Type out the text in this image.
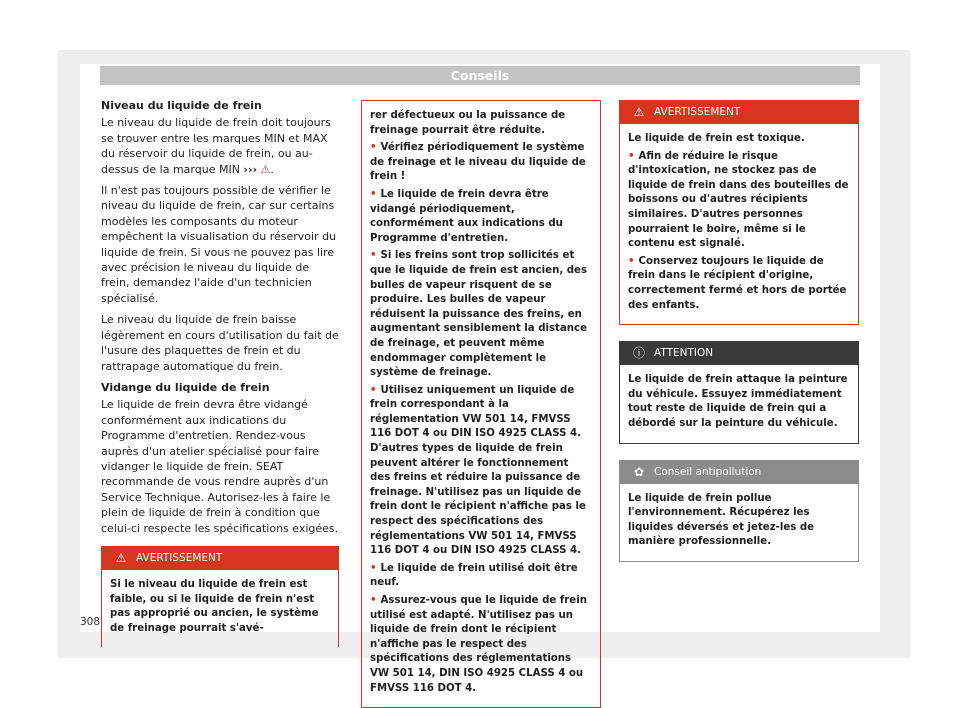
Conseils
Niveau du liquide de frein

Le niveau du liquide de frein doit toujours se trouver entre les marques MIN et MAX du réservoir du liquide de frein, ou au-dessus de la marque MIN ››› ⚠.

Il n'est pas toujours possible de vérifier le niveau du liquide de frein, car sur certains modèles les composants du moteur empêchent la visualisation du réservoir du liquide de frein. Si vous ne pouvez pas lire avec précision le niveau du liquide de frein, demandez l'aide d'un technicien spécialisé.

Le niveau du liquide de frein baisse légèrement en cours d'utilisation du fait de l'usure des plaquettes de frein et du rattrapage automatique du frein.

Vidange du liquide de frein

Le liquide de frein devra être vidangé conformément aux indications du Programme d'entretien. Rendez-vous auprès d'un atelier spécialisé pour faire vidanger le liquide de frein. SEAT recommande de vous rendre auprès d'un Service Technique. Autorisez-les à faire le plein de liquide de frein à condition que celui-ci respecte les spécifications exigées.

⚠ AVERTISSEMENT

Si le niveau du liquide de frein est faible, ou si le liquide de frein n'est pas approprié ou ancien, le système de freinage pourrait s'avé-

rer défectueux ou la puissance de freinage pourrait être réduite.

• Vérifiez périodiquement le système de freinage et le niveau du liquide de frein !
• Le liquide de frein devra être vidangé périodiquement, conformément aux indications du Programme d'entretien.
• Si les freins sont trop sollicités et que le liquide de frein est ancien, des bulles de vapeur risquent de se produire. Les bulles de vapeur réduisent la puissance des freins, en augmentant sensiblement la distance de freinage, et peuvent même endommager complètement le système de freinage.
• Utilisez uniquement un liquide de frein correspondant à la réglementation VW 501 14, FMVSS 116 DOT 4 ou DIN ISO 4925 CLASS 4. D'autres types de liquide de frein peuvent altérer le fonctionnement des freins et réduire la puissance de freinage. N'utilisez pas un liquide de frein dont le récipient n'affiche pas le respect des spécifications des réglementations VW 501 14, FMVSS 116 DOT 4 ou DIN ISO 4925 CLASS 4.
• Le liquide de frein utilisé doit être neuf.
• Assurez-vous que le liquide de frein utilisé est adapté. N'utilisez pas un liquide de frein dont le récipient n'affiche pas le respect des spécifications des réglementations VW 501 14, DIN ISO 4925 CLASS 4 ou FMVSS 116 DOT 4.
⚠ AVERTISSEMENT

Le liquide de frein est toxique.

• Afin de réduire le risque d'intoxication, ne stockez pas de liquide de frein dans des bouteilles de boissons ou d'autres récipients similaires. D'autres personnes pourraient le boire, même si le contenu est signalé.
• Conservez toujours le liquide de frein dans le récipient d'origine, correctement fermé et hors de portée des enfants.
ⓘ ATTENTION

Le liquide de frein attaque la peinture du véhicule. Essuyez immédiatement tout reste de liquide de frein qui a débordé sur la peinture du véhicule.

✿ Conseil antipollution

Le liquide de frein pollue l'environnement. Récupérez les liquides déversés et jetez-les de manière professionnelle.

308
